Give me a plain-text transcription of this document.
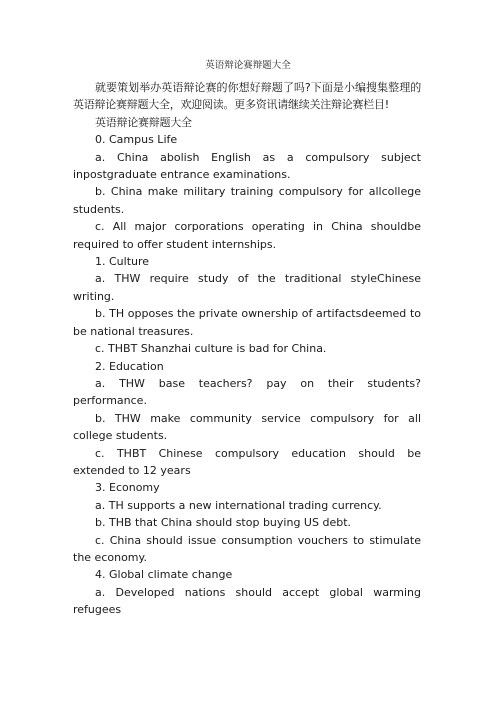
英语辩论赛辩题大全

就要策划举办英语辩论赛的你想好辩题了吗?下面是小编搜集整理的英语辩论赛辩题大全，欢迎阅读。更多资讯请继续关注辩论赛栏目!

英语辩论赛辩题大全

0. Campus Life

a. China abolish English as a compulsory subject inpostgraduate entrance examinations.

b. China make military training compulsory for allcollege students.

c. All major corporations operating in China shouldbe required to offer student internships.

1. Culture

a. THW require study of the traditional styleChinese writing.

b. TH opposes the private ownership of artifactsdeemed to be national treasures.

c. THBT Shanzhai culture is bad for China.

2. Education

a. THW base teachers? pay on their students? performance.

b. THW make community service compulsory for all college students.

c. THBT Chinese compulsory education should be extended to 12 years

3. Economy

a. TH supports a new international trading currency.

b. THB that China should stop buying US debt.

c. China should issue consumption vouchers to stimulate the economy.

4. Global climate change

a. Developed nations should accept global warming refugees
